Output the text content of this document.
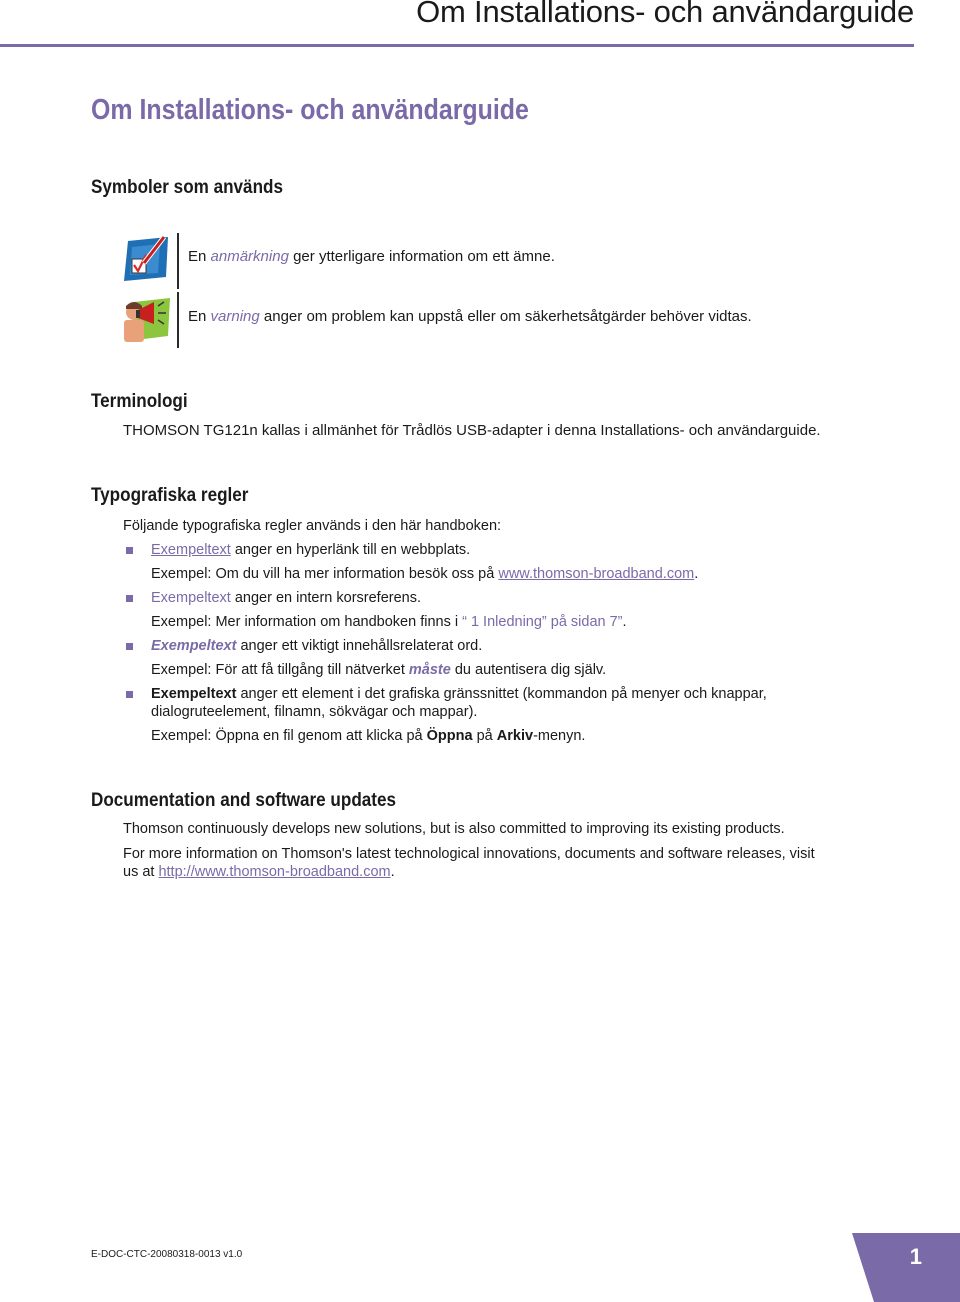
Om Installations- och användarguide
Om Installations- och användarguide
Symboler som används
En anmärkning ger ytterligare information om ett ämne.
En varning anger om problem kan uppstå eller om säkerhetsåtgärder behöver vidtas.
Terminologi
THOMSON TG121n kallas i allmänhet för Trådlös USB-adapter i denna Installations- och användarguide.
Typografiska regler
Följande typografiska regler används i den här handboken:
Exempeltext anger en hyperlänk till en webbplats.
Exempel: Om du vill ha mer information besök oss på www.thomson-broadband.com.
Exempeltext anger en intern korsreferens.
Exempel: Mer information om handboken finns i “ 1 Inledning” på sidan 7”.
Exempeltext anger ett viktigt innehållsrelaterat ord.
Exempel: För att få tillgång till nätverket måste du autentisera dig själv.
Exempeltext anger ett element i det grafiska gränssnittet (kommandon på menyer och knappar,
dialogruteelement, filnamn, sökvägar och mappar).
Exempel: Öppna en fil genom att klicka på Öppna på Arkiv-menyn.
Documentation and software updates
Thomson continuously develops new solutions, but is also committed to improving its existing products.
For more information on Thomson's latest technological innovations, documents and software releases, visit
us at http://www.thomson-broadband.com.
E-DOC-CTC-20080318-0013 v1.0	1
